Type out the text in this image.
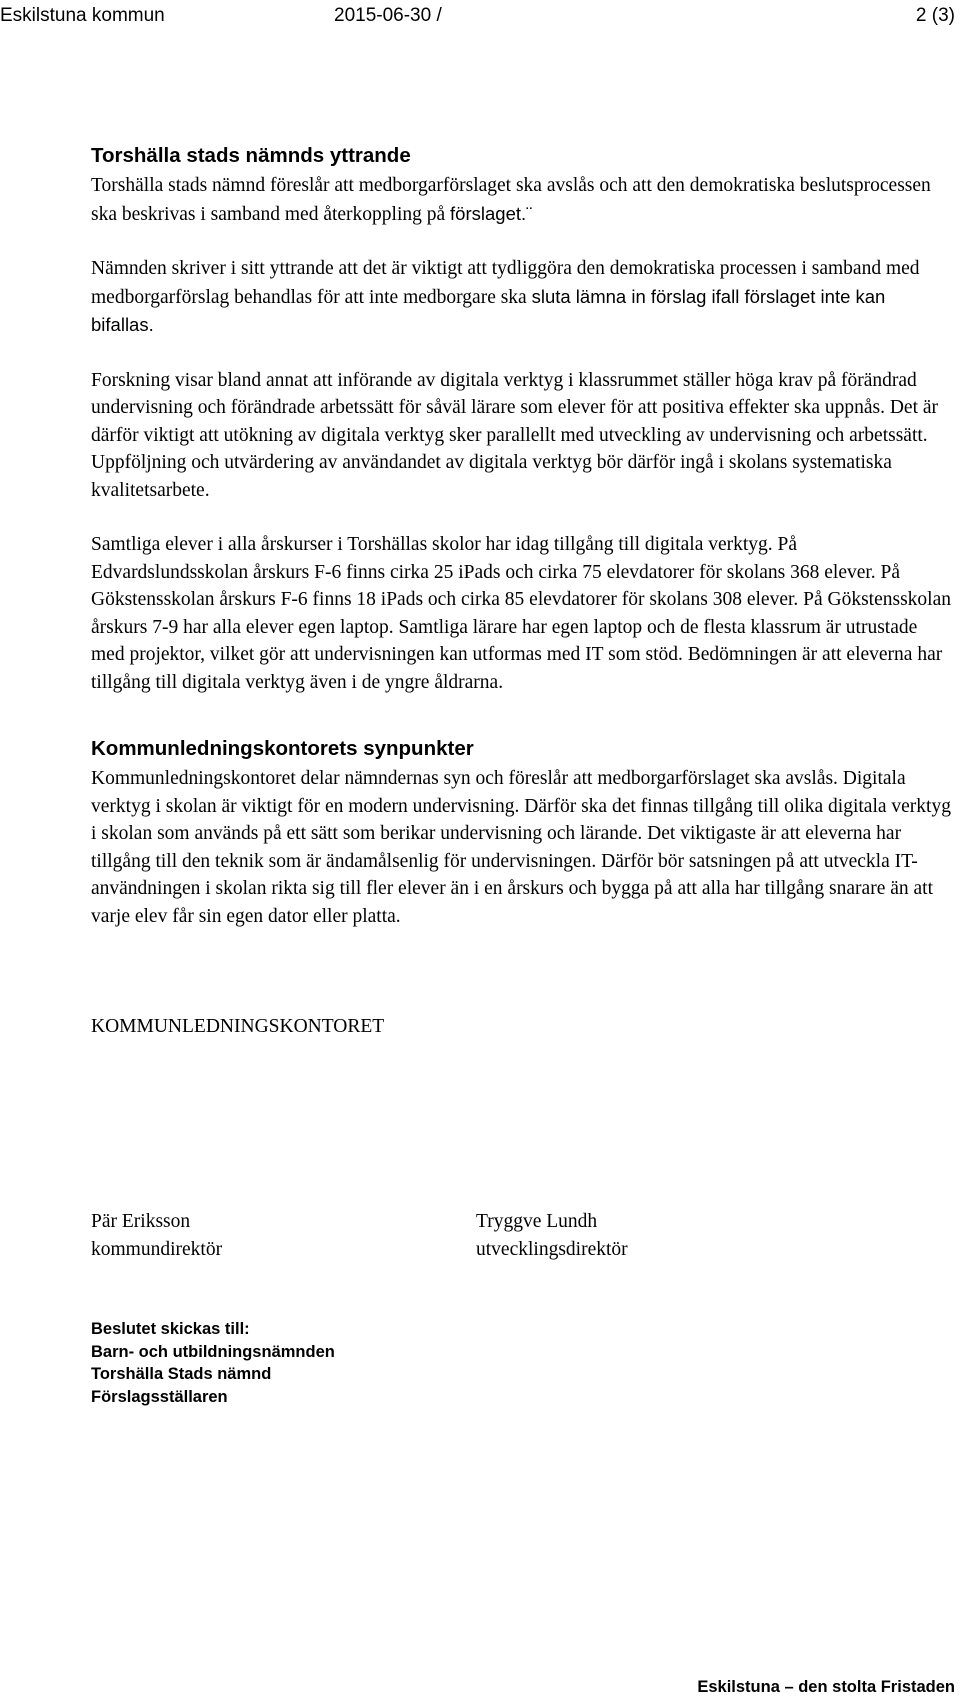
Eskilstuna kommun	2015-06-30 /	2 (3)
Torshälla stads nämnds yttrande

Torshälla stads nämnd föreslår att medborgarförslaget ska avslås och att den demokratiska beslutsprocessen ska beskrivas i samband med återkoppling på förslaget.¨

Nämnden skriver i sitt yttrande att det är viktigt att tydliggöra den demokratiska processen i samband med medborgarförslag behandlas för att inte medborgare ska sluta lämna in förslag ifall förslaget inte kan bifallas.

Forskning visar bland annat att införande av digitala verktyg i klassrummet ställer höga krav på förändrad undervisning och förändrade arbetssätt för såväl lärare som elever för att positiva effekter ska uppnås. Det är därför viktigt att utökning av digitala verktyg sker parallellt med utveckling av undervisning och arbetssätt. Uppföljning och utvärdering av användandet av digitala verktyg bör därför ingå i skolans systematiska kvalitetsarbete.

Samtliga elever i alla årskurser i Torshällas skolor har idag tillgång till digitala verktyg. På Edvardslundsskolan årskurs F-6 finns cirka 25 iPads och cirka 75 elevdatorer för skolans 368 elever. På Gökstensskolan årskurs F-6 finns 18 iPads och cirka 85 elevdatorer för skolans 308 elever. På Gökstensskolan årskurs 7-9 har alla elever egen laptop. Samtliga lärare har egen laptop och de flesta klassrum är utrustade med projektor, vilket gör att undervisningen kan utformas med IT som stöd. Bedömningen är att eleverna har tillgång till digitala verktyg även i de yngre åldrarna.

Kommunledningskontorets synpunkter

Kommunledningskontoret delar nämndernas syn och föreslår att medborgarförslaget ska avslås. Digitala verktyg i skolan är viktigt för en modern undervisning. Därför ska det finnas tillgång till olika digitala verktyg i skolan som används på ett sätt som berikar undervisning och lärande. Det viktigaste är att eleverna har tillgång till den teknik som är ändamålsenlig för undervisningen. Därför bör satsningen på att utveckla IT- användningen i skolan rikta sig till fler elever än i en årskurs och bygga på att alla har tillgång snarare än att varje elev får sin egen dator eller platta.

KOMMUNLEDNINGSKONTORET
Pär Eriksson
kommundirektör
Tryggve Lundh
utvecklingsdirektör
Beslutet skickas till:
Barn- och utbildningsnämnden
Torshälla Stads nämnd
Förslagsställaren
Eskilstuna – den stolta Fristaden
